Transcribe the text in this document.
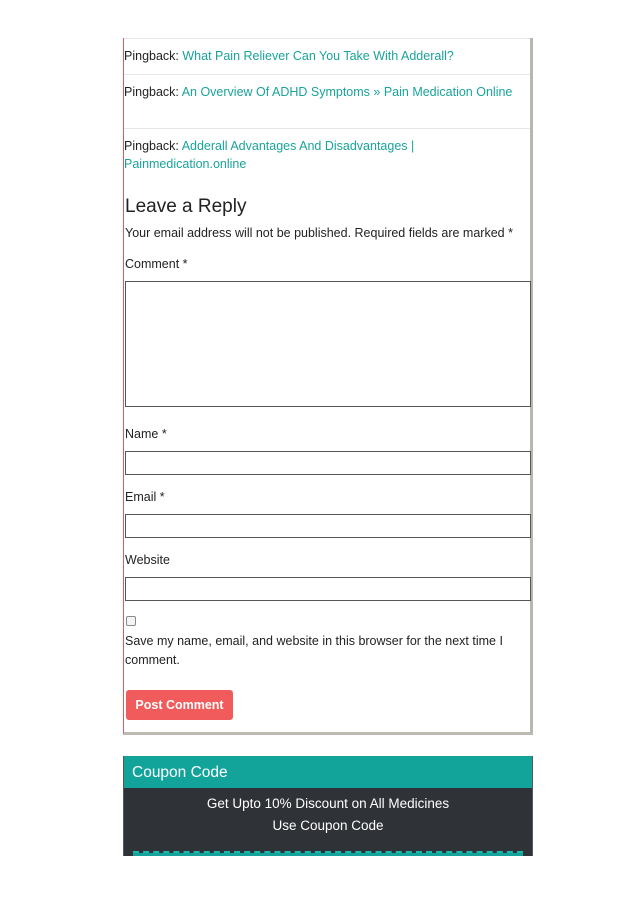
Pingback: What Pain Reliever Can You Take With Adderall?
Pingback: An Overview Of ADHD Symptoms » Pain Medication Online
Pingback: Adderall Advantages And Disadvantages | Painmedication.online
Leave a Reply
Your email address will not be published. Required fields are marked *
Comment *
Name *
Email *
Website
Save my name, email, and website in this browser for the next time I comment.
Post Comment
Coupon Code
Get Upto 10% Discount on All Medicines
Use Coupon Code
